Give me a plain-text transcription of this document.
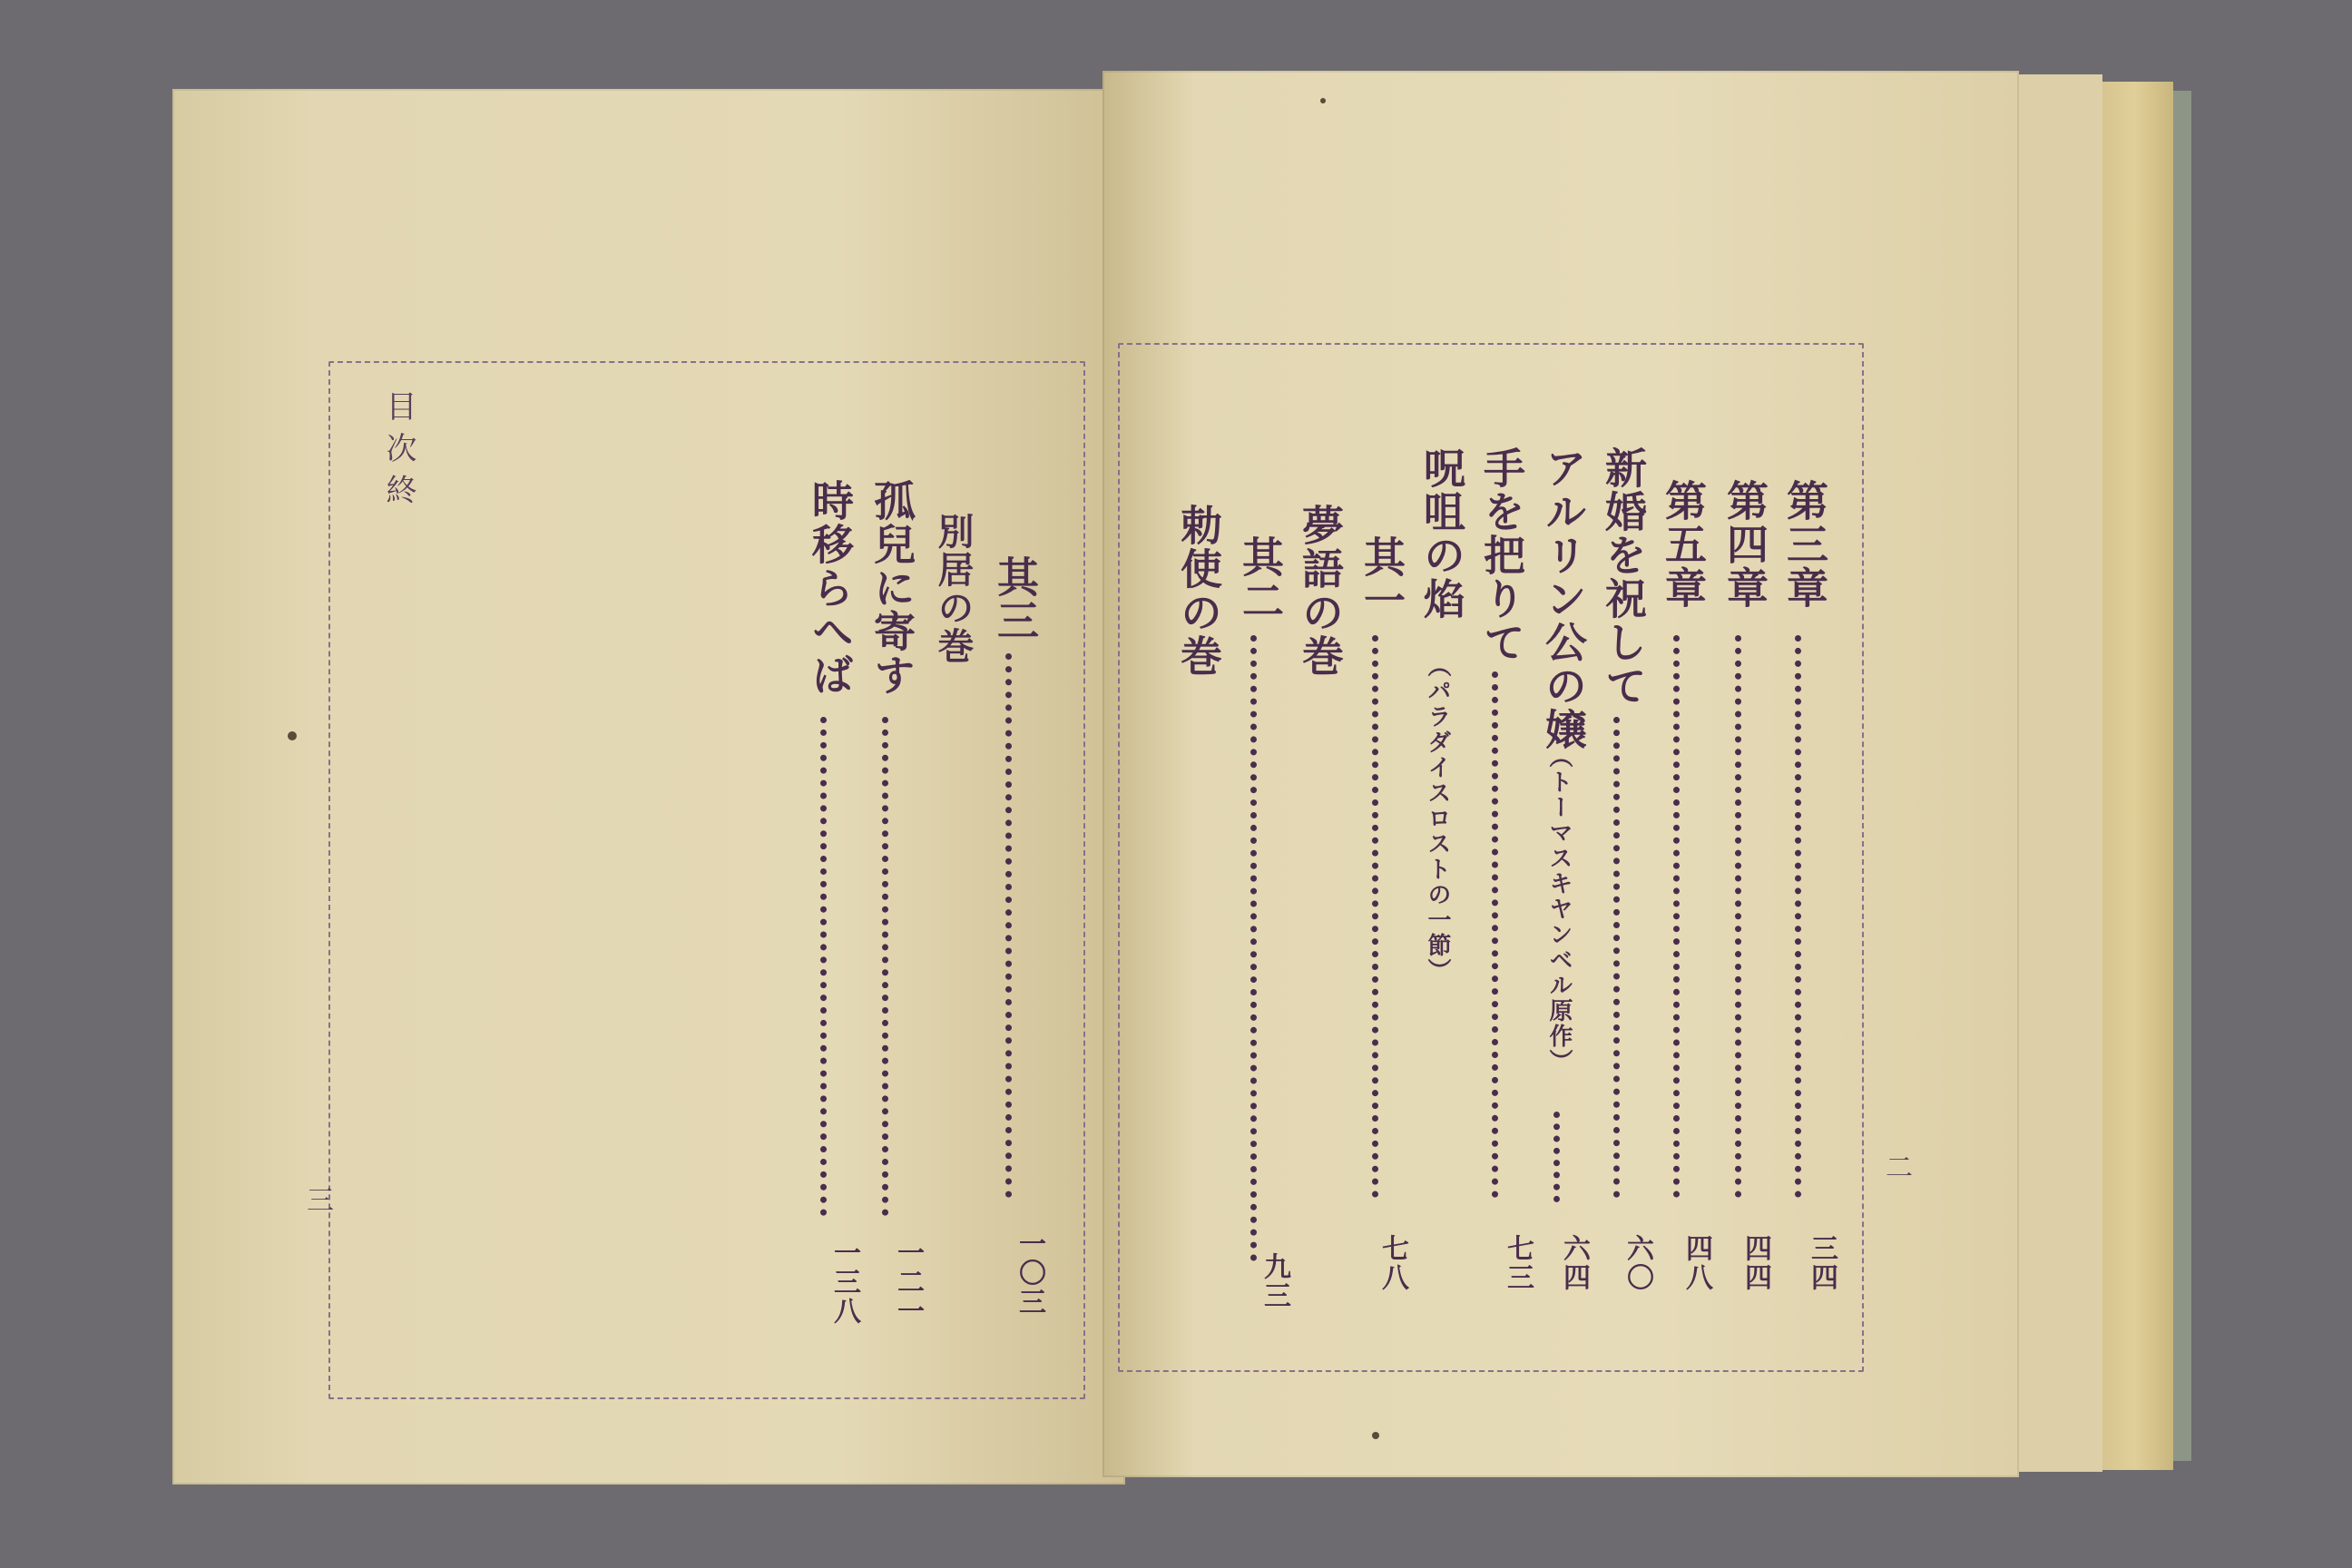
第三章
三四
第四章
四四
第五章
四八
新婚を祝して
六〇
アルリン公の嬢
（トーマスキヤンベル原作）
六四
手を把りて
七三
呪咀の焰
（パラダイスロストの一節）
其一
七八
夢語の巻
其二
九三
勅使の巻
二
其三
一〇三
別居の巻
孤兒に寄す
一二一
時移らへば
一三八
目次終
三
